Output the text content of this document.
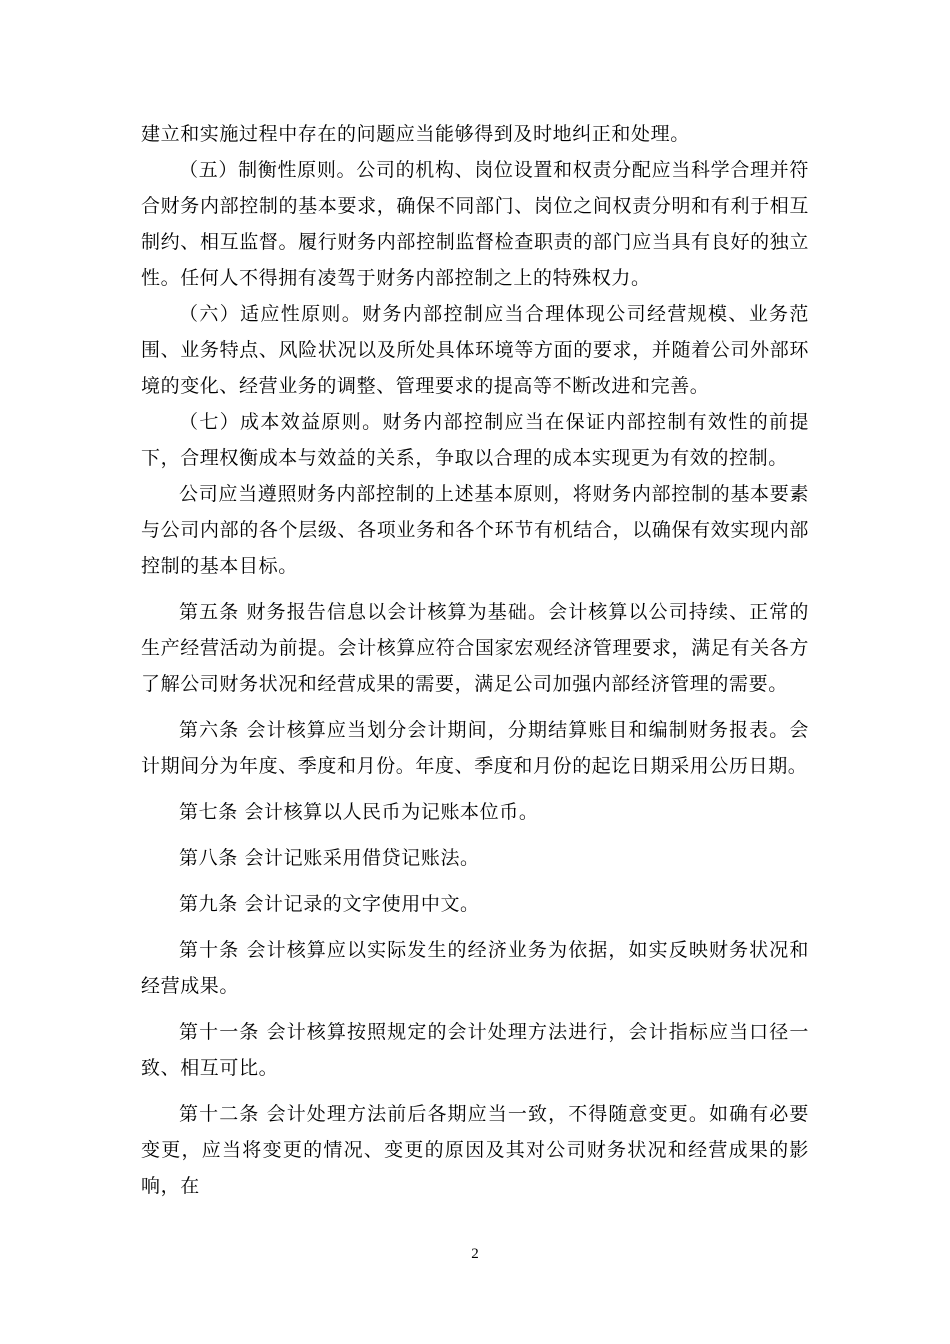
建立和实施过程中存在的问题应当能够得到及时地纠正和处理。

（五）制衡性原则。公司的机构、岗位设置和权责分配应当科学合理并符合财务内部控制的基本要求，确保不同部门、岗位之间权责分明和有利于相互制约、相互监督。履行财务内部控制监督检查职责的部门应当具有良好的独立性。任何人不得拥有凌驾于财务内部控制之上的特殊权力。

（六）适应性原则。财务内部控制应当合理体现公司经营规模、业务范围、业务特点、风险状况以及所处具体环境等方面的要求，并随着公司外部环境的变化、经营业务的调整、管理要求的提高等不断改进和完善。

（七）成本效益原则。财务内部控制应当在保证内部控制有效性的前提下，合理权衡成本与效益的关系，争取以合理的成本实现更为有效的控制。

公司应当遵照财务内部控制的上述基本原则，将财务内部控制的基本要素与公司内部的各个层级、各项业务和各个环节有机结合，以确保有效实现内部控制的基本目标。

第五条 财务报告信息以会计核算为基础。会计核算以公司持续、正常的生产经营活动为前提。会计核算应符合国家宏观经济管理要求，满足有关各方了解公司财务状况和经营成果的需要，满足公司加强内部经济管理的需要。

第六条 会计核算应当划分会计期间，分期结算账目和编制财务报表。会计期间分为年度、季度和月份。年度、季度和月份的起讫日期采用公历日期。

第七条 会计核算以人民币为记账本位币。

第八条 会计记账采用借贷记账法。

第九条 会计记录的文字使用中文。

第十条 会计核算应以实际发生的经济业务为依据，如实反映财务状况和经营成果。

第十一条 会计核算按照规定的会计处理方法进行，会计指标应当口径一致、相互可比。

第十二条 会计处理方法前后各期应当一致，不得随意变更。如确有必要变更，应当将变更的情况、变更的原因及其对公司财务状况和经营成果的影响，在

2
